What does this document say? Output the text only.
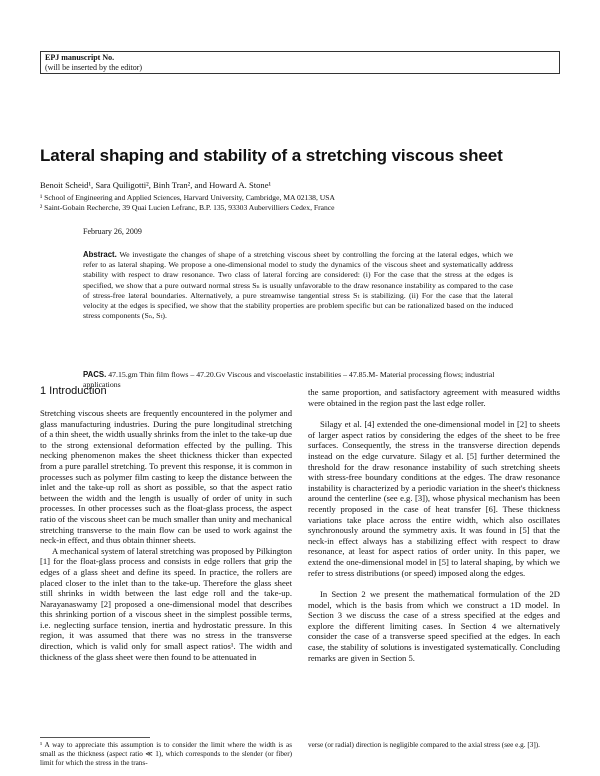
EPJ manuscript No.
(will be inserted by the editor)
Lateral shaping and stability of a stretching viscous sheet
Benoit Scheid¹, Sara Quiligotti², Binh Tran², and Howard A. Stone¹
¹ School of Engineering and Applied Sciences, Harvard University, Cambridge, MA 02138, USA
² Saint-Gobain Recherche, 39 Quai Lucien Lefranc, B.P. 135, 93303 Aubervilliers Cedex, France
February 26, 2009
Abstract. We investigate the changes of shape of a stretching viscous sheet by controlling the forcing at the lateral edges, which we refer to as lateral shaping. We propose a one-dimensional model to study the dynamics of the viscous sheet and systematically address stability with respect to draw resonance. Two class of lateral forcing are considered: (i) For the case that the stress at the edges is specified, we show that a pure outward normal stress Sₙ is usually unfavorable to the draw resonance instability as compared to the case of stress-free lateral boundaries. Alternatively, a pure streamwise tangential stress Sₜ is stabilizing. (ii) For the case that the lateral velocity at the edges is specified, we show that the stability properties are problem specific but can be rationalized based on the induced stress components (Sₙ, Sₜ).
PACS. 47.15.gm Thin film flows – 47.20.Gv Viscous and viscoelastic instabilities – 47.85.M- Material processing flows; industrial applications
1 Introduction

Stretching viscous sheets are frequently encountered in the polymer and glass manufacturing industries. During the pure longitudinal stretching of a thin sheet, the width usually shrinks from the inlet to the take-up due to the strong extensional deformation effected by the pulling. This necking phenomenon makes the sheet thickness thicker than expected from a pure parallel stretching. To prevent this response, it is common in processes such as polymer film casting to keep the distance between the inlet and the take-up roll as short as possible, so that the aspect ratio between the width and the length is usually of order of unity in such processes. In other processes such as the float-glass process, the aspect ratio of the viscous sheet can be much smaller than unity and mechanical stretching transverse to the main flow can be used to work against the neck-in effect, and thus obtain thinner sheets.

A mechanical system of lateral stretching was proposed by Pilkington [1] for the float-glass process and consists in edge rollers that grip the edges of a glass sheet and define its speed. In practice, the rollers are placed closer to the inlet than to the take-up. Therefore the glass sheet still shrinks in width between the last edge roll and the take-up. Narayanaswamy [2] proposed a one-dimensional model that describes this shrinking portion of a viscous sheet in the simplest possible terms, i.e. neglecting surface tension, inertia and hydrostatic pressure. In this region, it was assumed that there was no stress in the transverse direction, which is valid only for small aspect ratios¹. The width and thickness of the glass sheet were then found to be attenuated in

the same proportion, and satisfactory agreement with measured widths were obtained in the region past the last edge roller.

Silagy et al. [4] extended the one-dimensional model in [2] to sheets of larger aspect ratios by considering the edges of the sheet to be free surfaces. Consequently, the stress in the transverse direction depends instead on the edge curvature. Silagy et al. [5] further determined the threshold for the draw resonance instability of such stretching sheets with stress-free boundary conditions at the edges. The draw resonance instability is characterized by a periodic variation in the sheet's thickness around the centerline (see e.g. [3]), whose physical mechanism has been recently proposed in the case of heat transfer [6]. These thickness variations take place across the entire width, which also oscillates synchronously around the symmetry axis. It was found in [5] that the neck-in effect always has a stabilizing effect with respect to draw resonance, at least for aspect ratios of order unity. In this paper, we extend the one-dimensional model in [5] to lateral shaping, by which we refer to stress distributions (or speed) imposed along the edges.

In Section 2 we present the mathematical formulation of the 2D model, which is the basis from which we construct a 1D model. In Section 3 we discuss the case of a stress specified at the edges and explore the different limiting cases. In Section 4 we alternatively consider the case of a transverse speed specified at the edges. In each case, the stability of solutions is investigated systematically. Concluding remarks are given in Section 5.

¹ A way to appreciate this assumption is to consider the limit where the width is as small as the thickness (aspect ratio ≪ 1), which corresponds to the slender (or fiber) limit for which the stress in the trans-
verse (or radial) direction is negligible compared to the axial stress (see e.g. [3]).
